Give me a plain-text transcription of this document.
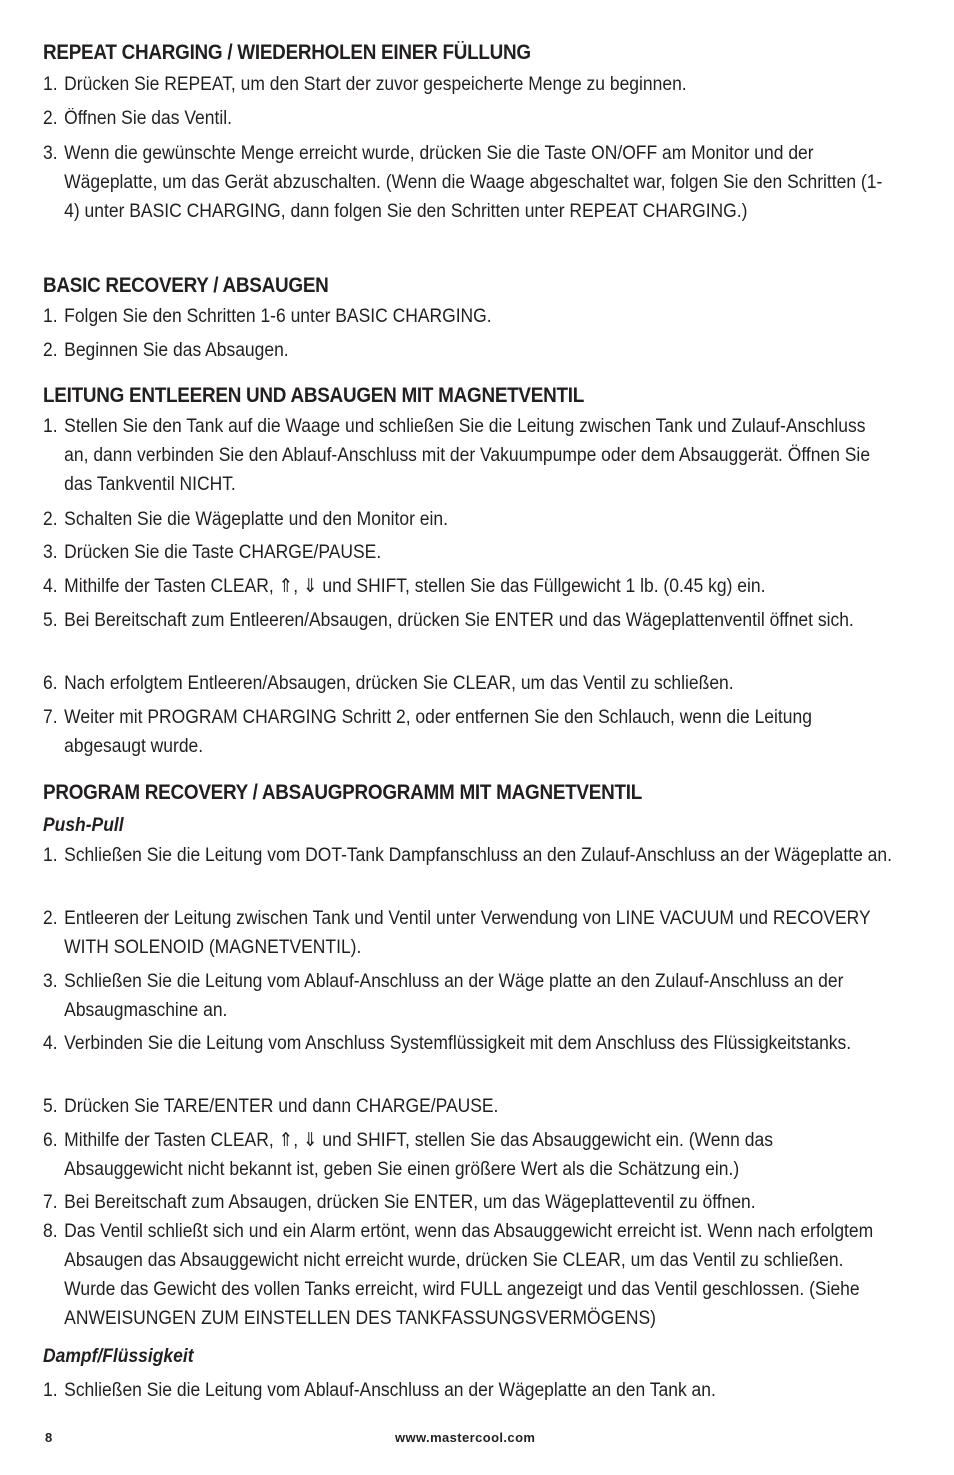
REPEAT CHARGING / WIEDERHOLEN EINER FÜLLUNG
1. Drücken Sie REPEAT, um den Start der zuvor gespeicherte Menge zu beginnen.
2. Öffnen Sie das Ventil.
3. Wenn die gewünschte Menge erreicht wurde, drücken Sie die Taste ON/OFF am Monitor und der Wägeplatte, um das Gerät abzuschalten. (Wenn die Waage abgeschaltet war, folgen Sie den Schritten (1-4) unter BASIC CHARGING, dann folgen Sie den Schritten unter REPEAT CHARGING.)
BASIC RECOVERY / ABSAUGEN
1. Folgen Sie den Schritten 1-6 unter BASIC CHARGING.
2. Beginnen Sie das Absaugen.
LEITUNG ENTLEEREN UND ABSAUGEN MIT MAGNETVENTIL
1. Stellen Sie den Tank auf die Waage und schließen Sie die Leitung zwischen Tank und Zulauf-Anschluss an, dann verbinden Sie den Ablauf-Anschluss mit der Vakuumpumpe oder dem Absauggerät. Öffnen Sie das Tankventil NICHT.
2. Schalten Sie die Wägeplatte und den Monitor ein.
3. Drücken Sie die Taste CHARGE/PAUSE.
4. Mithilfe der Tasten CLEAR, ⇑, ⇓ und SHIFT, stellen Sie das Füllgewicht 1 lb. (0.45 kg) ein.
5. Bei Bereitschaft zum Entleeren/Absaugen, drücken Sie ENTER und das Wägeplattenventil öffnet sich.
6. Nach erfolgtem Entleeren/Absaugen, drücken Sie CLEAR, um das Ventil zu schließen.
7. Weiter mit PROGRAM CHARGING Schritt 2, oder entfernen Sie den Schlauch, wenn die Leitung abgesaugt wurde.
PROGRAM RECOVERY / ABSAUGPROGRAMM MIT MAGNETVENTIL
Push-Pull
1. Schließen Sie die Leitung vom DOT-Tank Dampfanschluss an den Zulauf-Anschluss an der Wägeplatte an.
2. Entleeren der Leitung zwischen Tank und Ventil unter Verwendung von LINE VACUUM und RECOVERY WITH SOLENOID (MAGNETVENTIL).
3. Schließen Sie die Leitung vom Ablauf-Anschluss an der Wäge platte an den Zulauf-Anschluss an der Absaugmaschine an.
4. Verbinden Sie die Leitung vom Anschluss Systemflüssigkeit mit dem Anschluss des Flüssigkeitstanks.
5. Drücken Sie TARE/ENTER und dann CHARGE/PAUSE.
6. Mithilfe der Tasten CLEAR, ⇑, ⇓ und SHIFT, stellen Sie das Absauggewicht ein. (Wenn das Absauggewicht nicht bekannt ist, geben Sie einen größere Wert als die Schätzung ein.)
7. Bei Bereitschaft zum Absaugen, drücken Sie ENTER, um das Wägeplatteventil zu öffnen.
8. Das Ventil schließt sich und ein Alarm ertönt, wenn das Absauggewicht erreicht ist. Wenn nach erfolgtem Absaugen das Absauggewicht nicht erreicht wurde, drücken Sie CLEAR, um das Ventil zu schließen. Wurde das Gewicht des vollen Tanks erreicht, wird FULL angezeigt und das Ventil geschlossen. (Siehe ANWEISUNGEN ZUM EINSTELLEN DES TANKFASSUNGSVERMÖGENS)
Dampf/Flüssigkeit
1. Schließen Sie die Leitung vom Ablauf-Anschluss an der Wägeplatte an den Tank an.
8	www.mastercool.com
